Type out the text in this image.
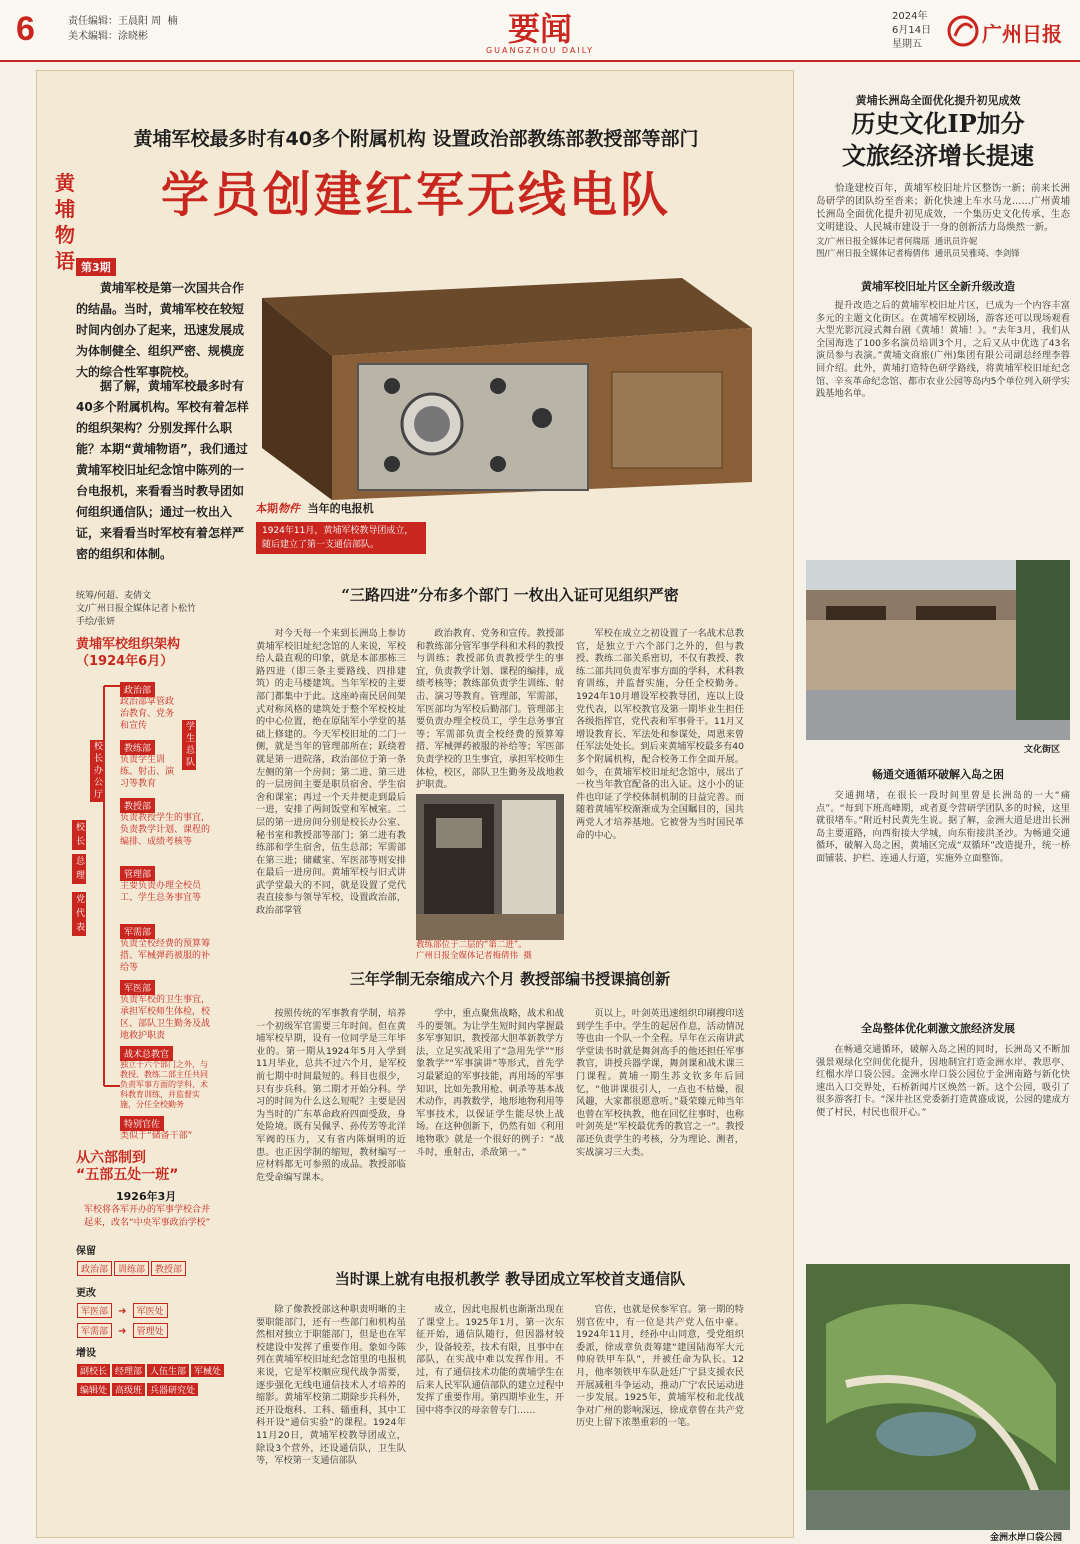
6	责任编辑：王晨阳 周  楠
美术编辑：涂晓彬	要闻
GUANGZHOU DAILY
2024年
6月14日
星期五	广州日报
黄埔物语
黄埔军校最多时有40多个附属机构 设置政治部教练部教授部等部门
学员创建红军无线电队
第3期
黄埔军校是第一次国共合作的结晶。当时，黄埔军校在较短时间内创办了起来，迅速发展成为体制健全、组织严密、规模庞大的综合性军事院校。
据了解，黄埔军校最多时有40多个附属机构。军校有着怎样的组织架构？分别发挥什么职能？本期“黄埔物语”，我们通过黄埔军校旧址纪念馆中陈列的一台电报机，来看看当时教导团如何组织通信队；通过一枚出入证，来看看当时军校有着怎样严密的组织和体制。
统筹/何超、麦倩文
文/广州日报全媒体记者卜松竹
手绘/张妍
本期物件 当年的电报机
1924年11月，黄埔军校教导团成立，随后建立了第一支通信部队。
“三路四进”分布多个部门 一枚出入证可见组织严密
对今天每一个来到长洲岛上参访黄埔军校旧址纪念馆的人来说，军校给人最直观的印象，就是本部那栋三路四进（即三条主要路线、四排建筑）的走马楼建筑。当年军校的主要部门都集中于此。这座岭南民居间架式对称风格的建筑处于整个军校校址的中心位置，绝在原陆军小学堂的基础上修建的。今天军校旧址的二门一侧，就是当年的管理部所在；跃绕着就是第一进院落，政治部位于第一条左侧的第一个房间；第二进、第三进的一层房间主要是职员宿舍、学生宿舍和课室；再过一个天井便走到最后一进，安排了两间饭堂和军械室。二层的第一进房间分别是校长办公室、秘书室和教授部等部门；第二进有教练部和学生宿舍，伍生总部；军需部在第三进；储藏室、军医部等则安排在最后一进房间。黄埔军校与旧式讲武学堂最大的不同，就是设置了党代表直接参与领导军校，设置政治部，政治部掌管
政治教育、党务和宣传。教授部和教练部分管军事学科和术科的教授与训练；教授部负责教授学生的事宜，负责教学计划、课程的编排，成绩考核等；教练部负责学生训练、射击、演习等教育。管理部，军需部，军医部均为军校后勤部门。管理部主要负责办理全校员工，学生总务事宜等；军需部负责全校经费的预算筹措、军械弹药被服的补给等；军医部负责学校的卫生事宜，承担军校师生体检，校区，部队卫生勤务及战地救护职责。
军校在成立之初设置了一名战术总教官，是独立于六个部门之外的，但与教授、教练二部关系密切，不仅有教授、教练二部共同负责军事方面的学科，术科教育训练，并监督实施，分任全校勤务。1924年10月增设军校教导团，连以上设党代表，以军校教官及第一期毕业生担任各级指挥官，党代表和军事骨干。11月又增设教育长、军法处和参谋处，周恩来曾任军法处处长。到后来黄埔军校最多有40多个附属机构，配合校务工作全面开展。如今，在黄埔军校旧址纪念馆中，展出了一枚当年教官配备的出入证。这小小的证件也印证了学校体制机制的日益完善。而随着黄埔军校渐渐成为全国瞩目的，国共两党人才培养基地。它被誉为当时国民革命的中心。
教练部位于二层的“第二进”。
广州日报全媒体记者梅倩伟  摄
三年学制无奈缩成六个月 教授部编书授课搞创新
按照传统的军事教育学制，培养一个初级军官需要三年时间。但在黄埔军校早期，设有一位同学是三年毕业的。第一期从1924年5月入学到11月毕业，总共不过六个月，是军校前七期中时间最短的。科目也很少，只有步兵科。第二期才开始分科。学习的时间为什么这么短呢？主要是因为当时的广东革命政府四面受敌，身处险境。既有吴佩孚、孙传芳等北洋军阀的压力，又有省内陈炯明的近患。也正因学制的缩短，教材编写一应材料都无可参照的成品。教授部临危受命编写课本。
学中，重点聚焦战略，战术和战斗的要领。为让学生短时间内掌握最多军事知识，教授部大胆革新教学方法，立足实战采用了“急用先学”“形象教学”“军事演讲”等形式，首先学习最紧迫的军事技能，再用场的军事知识，比如先教用枪、刺杀等基本战术动作，再教数学，地形地物利用等军事技术，以保证学生能尽快上战场。在这种创新下，仍然有如《利用地物歌》就是一个很好的例子：“战斗时，重射击，杀敌第一。”
页以上，叶剑英迅速组织印刷搜印送到学生手中。学生的起居作息，活动情况等也由一个队一个全程。早年在云南讲武学堂读书时就是舞剑高手的他还担任军事教官，讲授兵器学课，舞剑课和战术课三门课程。黄埔一期生苏文钦多年后回忆，“他讲课很引人，一点也不枯燥，很风趣，大家都很愿意听。”聂荣臻元帅当年也曾在军校执教，他在回忆往事时，也称叶剑英是“军校最优秀的教官之一”。教授部还负责学生的考核，分为理论、测者，实战演习三大类。
当时课上就有电报机教学 教导团成立军校首支通信队
除了像教授部这种职责明晰的主要职能部门，还有一些部门和机构虽然相对独立于职能部门，但是也在军校建设中发挥了重要作用。象如今陈列在黄埔军校旧址纪念馆里的电报机来说，它是军校顺应现代战争需要，逐步强化无线电通信技术人才培养的缩影。黄埔军校第二期除步兵科外，还开设炮科、工科、辎重科，其中工科开设“通信实验”的课程。1924年11月20日，黄埔军校教导团成立，除设3个营外，还设通信队，卫生队等，军校第一支通信部队
成立，因此电报机也渐渐出现在了课堂上。1925年1月，第一次东征开始，通信队随行，但因器材较少，设备较差，技术有限，且事中在部队，在实战中难以发挥作用。不过，有了通信技术功能的黄埔学生在后来人民军队通信部队的建立过程中发挥了重要作用。第四期毕业生，开国中将李汉的母亲曾专门……
官佐，也就是侯参军官。第一期的特别官佐中，有一位是共产党人伍中豪。1924年11月，经孙中山同意，受党组织委派，徐成章负责筹建“建国陆海军大元帅府铁甲车队”，并被任命为队长。12月，他率领铁甲车队赴廷广宁县支援农民开展减租斗争运动，推动广宁农民运动进一步发展。1925年，黄埔军校和北伐战争对广州的影响深远，徐成章曾在共产党历史上留下浓墨重彩的一笔。
黄埔军校组织架构
（1924年6月）
校长
总理
党代表
校长办公厅
学生总队
政治部
政治部掌管政治教育、党务和宣传
教练部
负责学生训练、射击、演习等教育
教授部
负责教授学生的事宜，负责教学计划、课程的编排、成绩考核等
管理部
主要负责办理全校员工、学生总务事宜等
军需部
负责全校经费的预算筹措、军械弹药被服的补给等
军医部
负责军校的卫生事宜，承担军校师生体检，校区、部队卫生勤务及战地救护职责
战术总教官
独立于六个部门之外，与教授、教练二部主任共同负责军事方面的学科、术科教育训练，并监督实施，分任全校勤务
特别官佐
类似于“储备干部”
从六部制到
“五部五处一班”
1926年3月
军校将各军开办的军事学校合并起来，改名“中央军事政治学校”
保留
政治部 训练部 教授部
更改
军医部 ➜ 军医处
军需部 ➜ 管理处
增设
副校长 经理部 人伍生部 军械处编辑处 高级班 兵器研究处
黄埔长洲岛全面优化提升初见成效
历史文化IP加分
文旅经济增长提速
恰逢建校百年，黄埔军校旧址片区整饬一新；前来长洲岛研学的团队纷至沓来；新化快速上车水马龙……广州黄埔长洲岛全面优化提升初见成效，一个集历史文化传承、生态文明建设、人民城市建设于一身的创新活力岛焕然一新。
文/广州日报全媒体记者何瑞瑶  通讯员许妮
图/广州日报全媒体记者梅倩伟  通讯员吴雅琦、李剑锋
黄埔军校旧址片区全新升级改造
提升改造之后的黄埔军校旧址片区，已成为一个内容丰富多元的主题文化街区。在黄埔军校剧场，游客还可以现场观看大型光影沉浸式舞台剧《黄埔！黄埔！》。“去年3月，我们从全国海选了100多名演员培训3个月，之后又从中优选了43名演员参与表演。”黄埔文商旅(广州)集团有限公司副总经理李蓉回介绍。此外，黄埔打造特色研学路线，将黄埔军校旧址纪念馆、辛亥革命纪念馆、都市农业公园等岛内5个单位列入研学实践基地名单。
文化街区
畅通交通循环破解入岛之困
交通拥堵，在很长一段时间里曾是长洲岛的一大“痛点”。“每到下班高峰期，或者夏令营研学团队多的时候，这里就很堵车。”附近村民黄先生说。据了解，金洲大道是进出长洲岛主要道路，向西衔接大学城，向东衔接洪圣沙。为畅通交通循环，破解入岛之困，黄埔区完成“双循环”改造提升，统一桥面铺装、护栏、连通人行道，实施外立面整饰。
全岛整体优化刺激文旅经济发展
在畅通交通循环，破解入岛之困的同时，长洲岛又不断加强景观绿化空间优化提升，因地制宜打造金洲水岸、教思亭、红榴水岸口袋公园。金洲水岸口袋公园位于金洲南路与新化快速出入口交界处，石桥新闻片区焕然一新。这个公园，吸引了很多游客打卡。“深井社区党委新打造黄盛成说，公园的建成方便了村民，村民也很开心。”
金洲水岸口袋公园
